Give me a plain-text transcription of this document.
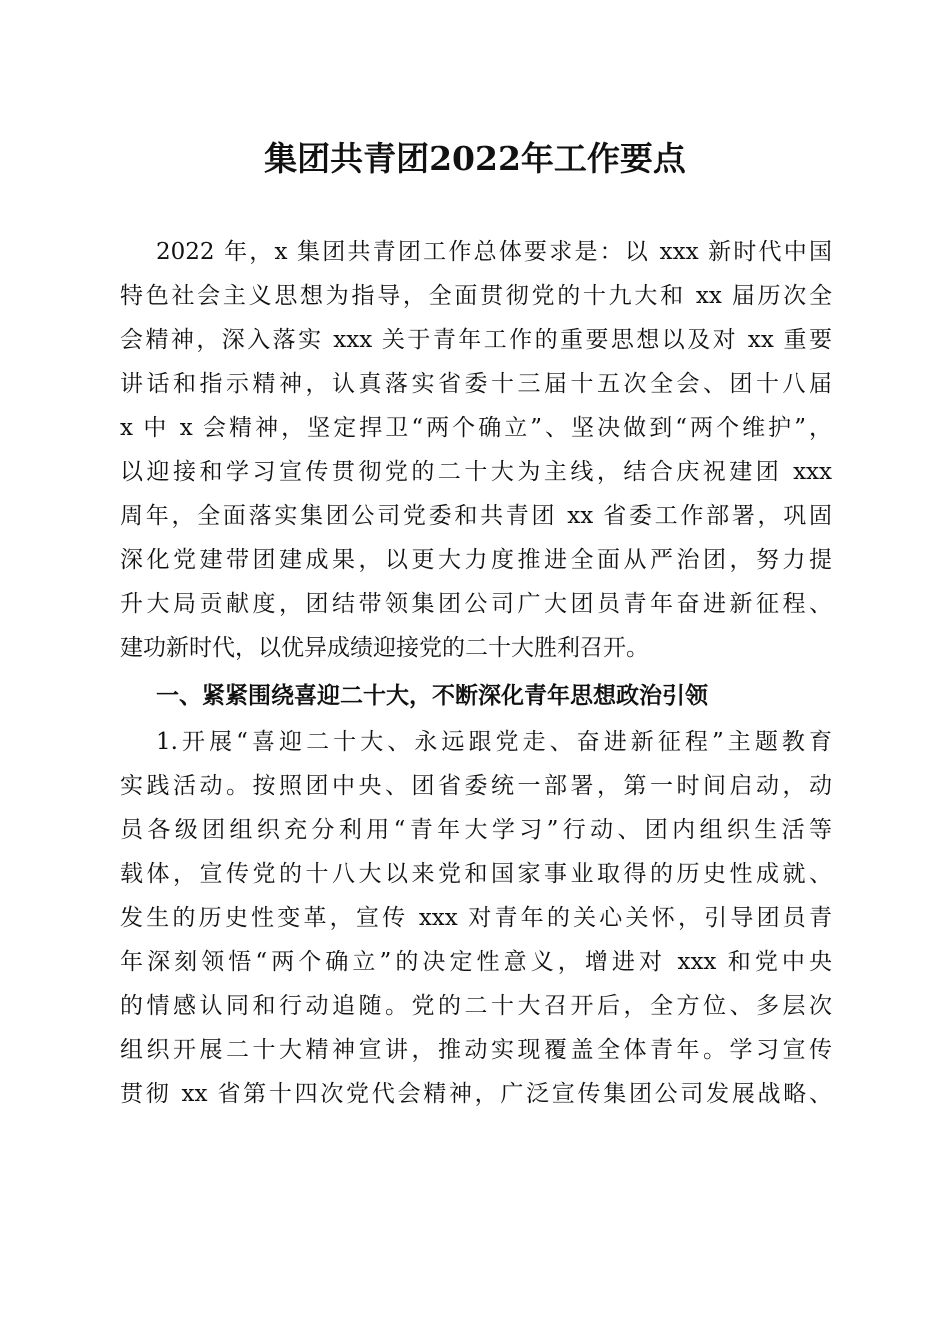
集团共青团2022年工作要点
2022 年，x 集团共青团工作总体要求是：以 xxx 新时代中国
特色社会主义思想为指导，全面贯彻党的十九大和 xx 届历次全
会精神，深入落实 xxx 关于青年工作的重要思想以及对 xx 重要
讲话和指示精神，认真落实省委十三届十五次全会、团十八届
x 中 x 会精神，坚定捍卫“两个确立”、坚决做到“两个维护”，
以迎接和学习宣传贯彻党的二十大为主线，结合庆祝建团 xxx
周年，全面落实集团公司党委和共青团 xx 省委工作部署，巩固
深化党建带团建成果，以更大力度推进全面从严治团，努力提
升大局贡献度，团结带领集团公司广大团员青年奋进新征程、
建功新时代，以优异成绩迎接党的二十大胜利召开。
一、紧紧围绕喜迎二十大，不断深化青年思想政治引领
1.开展“喜迎二十大、永远跟党走、奋进新征程”主题教育
实践活动。按照团中央、团省委统一部署，第一时间启动，动
员各级团组织充分利用“青年大学习”行动、团内组织生活等
载体，宣传党的十八大以来党和国家事业取得的历史性成就、
发生的历史性变革，宣传 xxx 对青年的关心关怀，引导团员青
年深刻领悟“两个确立”的决定性意义，增进对 xxx 和党中央
的情感认同和行动追随。党的二十大召开后，全方位、多层次
组织开展二十大精神宣讲，推动实现覆盖全体青年。学习宣传
贯彻 xx 省第十四次党代会精神，广泛宣传集团公司发展战略、
